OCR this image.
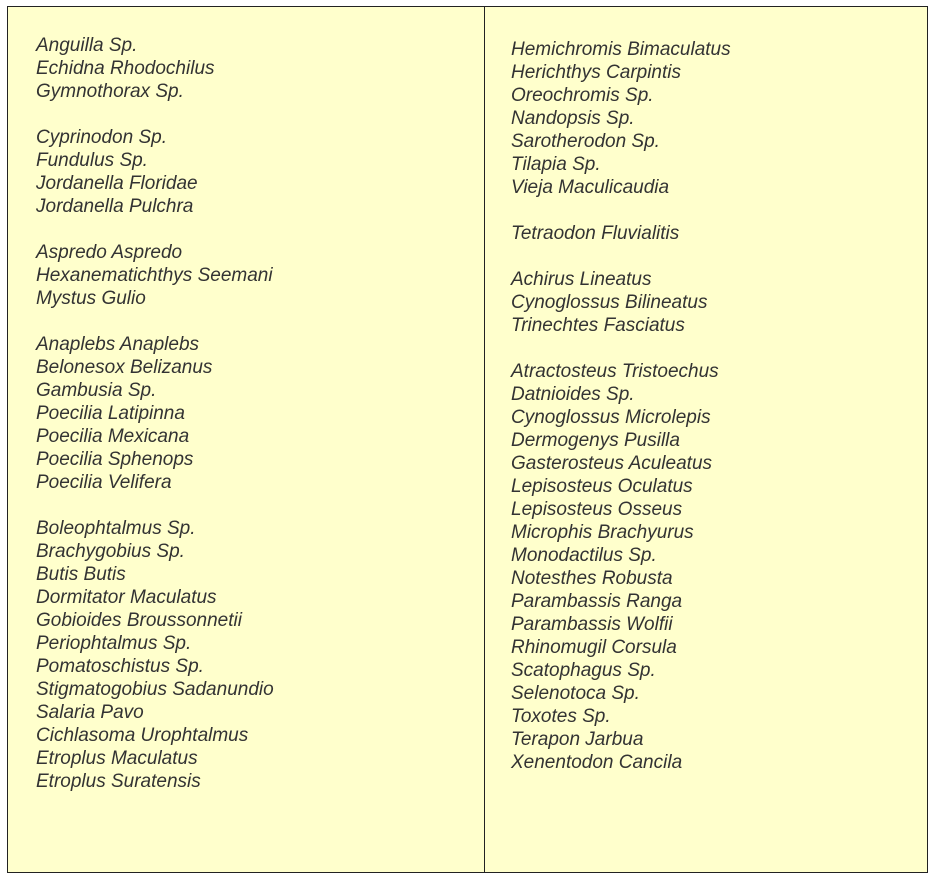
Anguilla Sp.
Echidna Rhodochilus
Gymnothorax Sp.
Cyprinodon Sp.
Fundulus Sp.
Jordanella Floridae
Jordanella Pulchra
Aspredo Aspredo
Hexanematichthys Seemani
Mystus Gulio
Anaplebs Anaplebs
Belonesox Belizanus
Gambusia Sp.
Poecilia Latipinna
Poecilia Mexicana
Poecilia Sphenops
Poecilia Velifera
Boleophtalmus Sp.
Brachygobius Sp.
Butis Butis
Dormitator Maculatus
Gobioides Broussonnetii
Periophtalmus Sp.
Pomatoschistus Sp.
Stigmatogobius Sadanundio
Salaria Pavo
Cichlasoma Urophtalmus
Etroplus Maculatus
Etroplus Suratensis
Hemichromis Bimaculatus
Herichthys Carpintis
Oreochromis Sp.
Nandopsis Sp.
Sarotherodon Sp.
Tilapia Sp.
Vieja Maculicaudia
Tetraodon Fluvialitis
Achirus Lineatus
Cynoglossus Bilineatus
Trinechtes Fasciatus
Atractosteus Tristoechus
Datnioides Sp.
Cynoglossus Microlepis
Dermogenys Pusilla
Gasterosteus Aculeatus
Lepisosteus Oculatus
Lepisosteus Osseus
Microphis Brachyurus
Monodactilus Sp.
Notesthes Robusta
Parambassis Ranga
Parambassis Wolfii
Rhinomugil Corsula
Scatophagus Sp.
Selenotoca Sp.
Toxotes Sp.
Terapon Jarbua
Xenentodon Cancila
